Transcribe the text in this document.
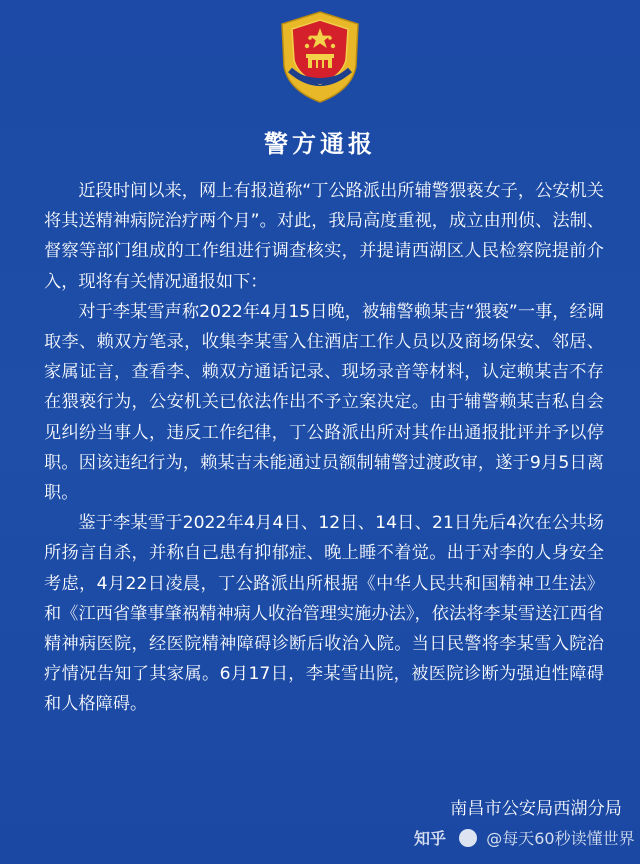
警方通报

近段时间以来，网上有报道称“丁公路派出所辅警猥亵女子，公安机关将其送精神病院治疗两个月”。对此，我局高度重视，成立由刑侦、法制、督察等部门组成的工作组进行调查核实，并提请西湖区人民检察院提前介入，现将有关情况通报如下：

对于李某雪声称2022年4月15日晚，被辅警赖某吉“猥亵”一事，经调取李、赖双方笔录，收集李某雪入住酒店工作人员以及商场保安、邻居、家属证言，查看李、赖双方通话记录、现场录音等材料，认定赖某吉不存在猥亵行为，公安机关已依法作出不予立案决定。由于辅警赖某吉私自会见纠纷当事人，违反工作纪律，丁公路派出所对其作出通报批评并予以停职。因该违纪行为，赖某吉未能通过员额制辅警过渡政审，遂于9月5日离职。

鉴于李某雪于2022年4月4日、12日、14日、21日先后4次在公共场所扬言自杀，并称自己患有抑郁症、晚上睡不着觉。出于对李的人身安全考虑，4月22日凌晨，丁公路派出所根据《中华人民共和国精神卫生法》和《江西省肇事肇祸精神病人收治管理实施办法》，依法将李某雪送江西省精神病医院，经医院精神障碍诊断后收治入院。当日民警将李某雪入院治疗情况告知了其家属。6月17日，李某雪出院，被医院诊断为强迫性障碍和人格障碍。

南昌市公安局西湖分局
知乎	@每天60秒读懂世界
